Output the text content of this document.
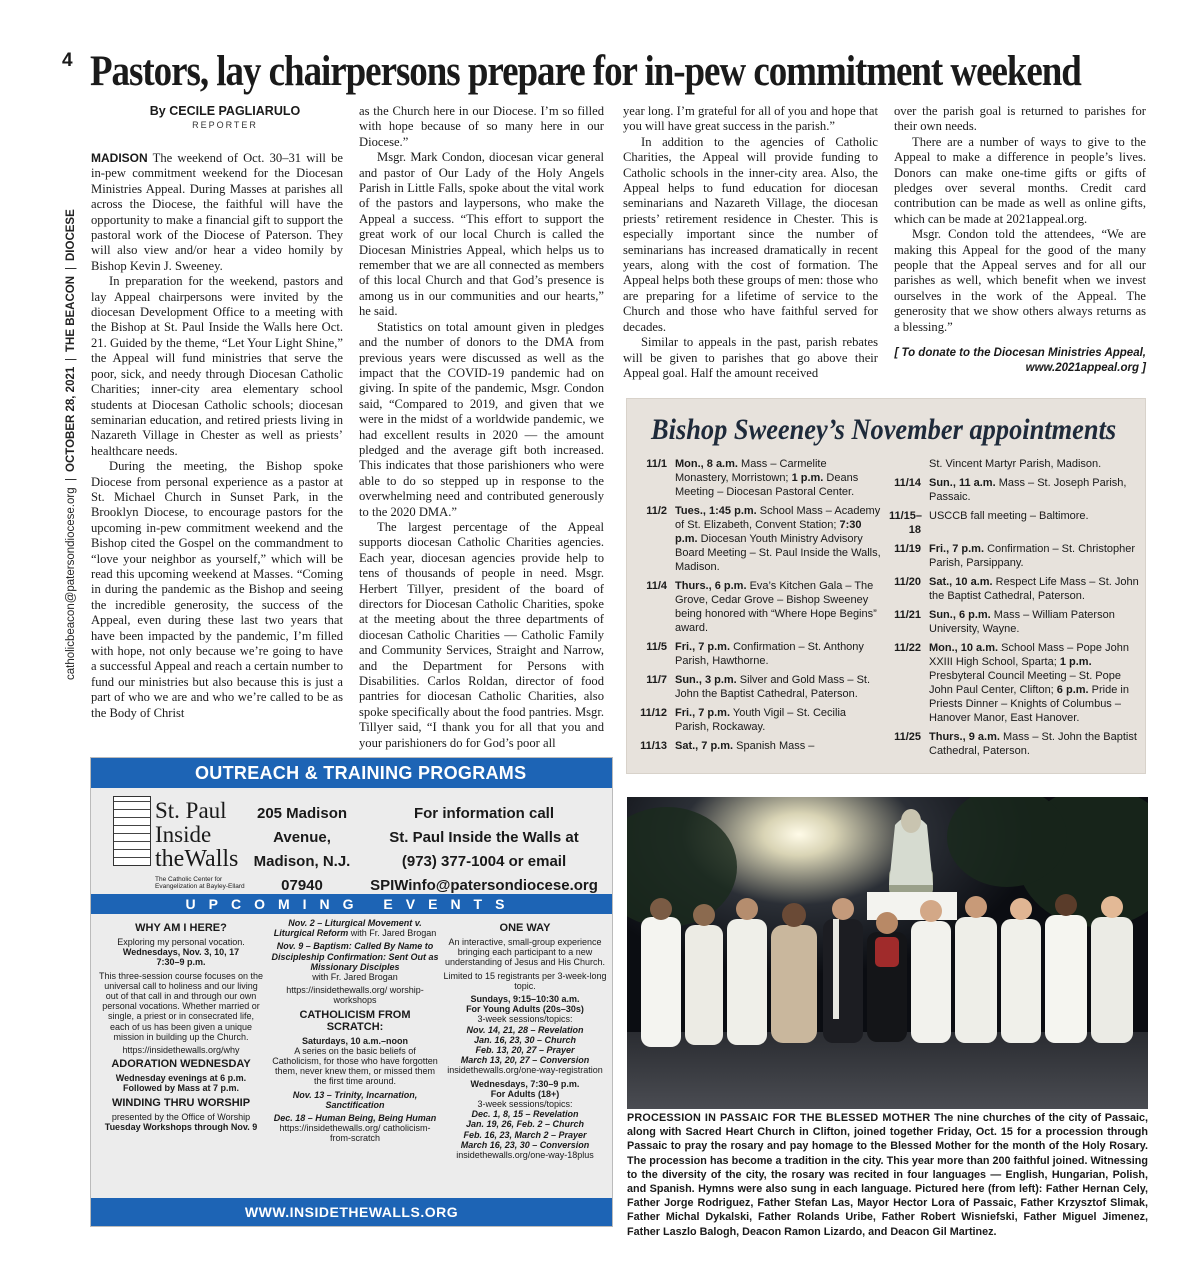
4
catholicbeacon@patersondiocese.org
|
OCTOBER 28, 2021
|
THE BEACON
|
DIOCESE
Pastors, lay chairpersons prepare for in-pew commitment weekend
By CECILE PAGLIARULO
REPORTER

MADISON The weekend of Oct. 30–31 will be in-pew commitment weekend for the Diocesan Ministries Appeal. During Masses at parishes all across the Diocese, the faithful will have the opportunity to make a financial gift to support the pastoral work of the Diocese of Paterson. They will also view and/or hear a video homily by Bishop Kevin J. Sweeney.

In preparation for the weekend, pastors and lay Appeal chairpersons were invited by the diocesan Development Office to a meeting with the Bishop at St. Paul Inside the Walls here Oct. 21. Guided by the theme, “Let Your Light Shine,” the Appeal will fund ministries that serve the poor, sick, and needy through Diocesan Catholic Charities; inner-city area elementary school students at Diocesan Catholic schools; diocesan seminarian education, and retired priests living in Nazareth Village in Chester as well as priests’ healthcare needs.

During the meeting, the Bishop spoke Diocese from personal experience as a pastor at St. Michael Church in Sunset Park, in the Brooklyn Diocese, to encourage pastors for the upcoming in-pew commitment weekend and the Bishop cited the Gospel on the commandment to “love your neighbor as yourself,” which will be read this upcoming weekend at Masses. “Coming in during the pandemic as the Bishop and seeing the incredible generosity, the success of the Appeal, even during these last two years that have been impacted by the pandemic, I’m filled with hope, not only because we’re going to have a successful Appeal and reach a certain number to fund our ministries but also because this is just a part of who we are and who we’re called to be as the Body of Christ

as the Church here in our Diocese. I’m so filled with hope because of so many here in our Diocese.”

Msgr. Mark Condon, diocesan vicar general and pastor of Our Lady of the Holy Angels Parish in Little Falls, spoke about the vital work of the pastors and laypersons, who make the Appeal a success. “This effort to support the great work of our local Church is called the Diocesan Ministries Appeal, which helps us to remember that we are all connected as members of this local Church and that God’s presence is among us in our communities and our hearts,” he said.

Statistics on total amount given in pledges and the number of donors to the DMA from previous years were discussed as well as the impact that the COVID-19 pandemic had on giving. In spite of the pandemic, Msgr. Condon said, “Compared to 2019, and given that we were in the midst of a worldwide pandemic, we had excellent results in 2020 — the amount pledged and the average gift both increased. This indicates that those parishioners who were able to do so stepped up in response to the overwhelming need and contributed generously to the 2020 DMA.”

The largest percentage of the Appeal supports diocesan Catholic Charities agencies. Each year, diocesan agencies provide help to tens of thousands of people in need. Msgr. Herbert Tillyer, president of the board of directors for Diocesan Catholic Charities, spoke at the meeting about the three departments of diocesan Catholic Charities — Catholic Family and Community Services, Straight and Narrow, and the Department for Persons with Disabilities. Carlos Roldan, director of food pantries for diocesan Catholic Charities, also spoke specifically about the food pantries. Msgr. Tillyer said, “I thank you for all that you and your parishioners do for God’s poor all

year long. I’m grateful for all of you and hope that you will have great success in the parish.”

In addition to the agencies of Catholic Charities, the Appeal will provide funding to Catholic schools in the inner-city area. Also, the Appeal helps to fund education for diocesan seminarians and Nazareth Village, the diocesan priests’ retirement residence in Chester. This is especially important since the number of seminarians has increased dramatically in recent years, along with the cost of formation. The Appeal helps both these groups of men: those who are preparing for a lifetime of service to the Church and those who have faithful served for decades.

Similar to appeals in the past, parish rebates will be given to parishes that go above their Appeal goal. Half the amount received

over the parish goal is returned to parishes for their own needs.

There are a number of ways to give to the Appeal to make a difference in people’s lives. Donors can make one-time gifts or gifts of pledges over several months. Credit card contribution can be made as well as online gifts, which can be made at 2021appeal.org.

Msgr. Condon told the attendees, “We are making this Appeal for the good of the many people that the Appeal serves and for all our parishes as well, which benefit when we invest ourselves in the work of the Appeal. The generosity that we show others always returns as a blessing.”

[ To donate to the Diocesan Ministries Appeal,
www.2021appeal.org ]
Bishop Sweeney’s November appointments
11/1 Mon., 8 a.m. Mass – Carmelite Monastery, Morristown; 1 p.m. Deans Meeting – Diocesan Pastoral Center.
11/2 Tues., 1:45 p.m. School Mass – Academy of St. Elizabeth, Convent Station; 7:30 p.m. Diocesan Youth Ministry Advisory Board Meeting – St. Paul Inside the Walls, Madison.
11/4 Thurs., 6 p.m. Eva’s Kitchen Gala – The Grove, Cedar Grove – Bishop Sweeney being honored with “Where Hope Begins” award.
11/5 Fri., 7 p.m. Confirmation – St. Anthony Parish, Hawthorne.
11/7 Sun., 3 p.m. Silver and Gold Mass – St. John the Baptist Cathedral, Paterson.
11/12 Fri., 7 p.m. Youth Vigil – St. Cecilia Parish, Rockaway.
11/13 Sat., 7 p.m. Spanish Mass –
St. Vincent Martyr Parish, Madison.
11/14 Sun., 11 a.m. Mass – St. Joseph Parish, Passaic.
11/15–18
USCCB fall meeting – Baltimore.
11/19 Fri., 7 p.m. Confirmation – St. Christopher Parish, Parsippany.
11/20 Sat., 10 a.m. Respect Life Mass – St. John the Baptist Cathedral, Paterson.
11/21 Sun., 6 p.m. Mass – William Paterson University, Wayne.
11/22 Mon., 10 a.m. School Mass – Pope John XXIII High School, Sparta; 1 p.m. Presbyteral Council Meeting – St. Pope John Paul Center, Clifton; 6 p.m. Pride in Priests Dinner – Knights of Columbus – Hanover Manor, East Hanover.
11/25 Thurs., 9 a.m. Mass – St. John the Baptist Cathedral, Paterson.
OUTREACH & TRAINING PROGRAMS
St. Paul
Inside
theWalls
The Catholic Center for Evangelization at Bayley-Ellard
205 Madison
Avenue,
Madison, N.J.
07940
For information call
St. Paul Inside the Walls at
(973) 377-1004 or email
SPIWinfo@patersondiocese.org
UPCOMING EVENTS
WHY AM I HERE?
Exploring my personal vocation.
Wednesdays, Nov. 3, 10, 17
7:30–9 p.m.
This three-session course focuses on the universal call to holiness and our living out of that call in and through our own personal vocations. Whether married or single, a priest or in consecrated life, each of us has been given a unique mission in building up the Church.
https://insidethewalls.org/why
ADORATION WEDNESDAY
Wednesday evenings at 6 p.m.
Followed by Mass at 7 p.m.
WINDING THRU WORSHIP
presented by the Office of Worship
Tuesday Workshops through Nov. 9
Nov. 2 – Liturgical Movement v. Liturgical Reform with Fr. Jared Brogan
Nov. 9 – Baptism: Called By Name to Discipleship Confirmation: Sent Out as Missionary Disciples
with Fr. Jared Brogan
https://insidethewalls.org/ worship-workshops
CATHOLICISM FROM SCRATCH:
Saturdays, 10 a.m.–noon
A series on the basic beliefs of Catholicism, for those who have forgotten them, never knew them, or missed them the first time around.
Nov. 13 – Trinity, Incarnation, Sanctification
Dec. 18 – Human Being, Being Human
https://insidethewalls.org/ catholicism-from-scratch
ONE WAY
An interactive, small-group experience bringing each participant to a new understanding of Jesus and His Church.
Limited to 15 registrants per 3-week-long topic.
Sundays, 9:15–10:30 a.m.
For Young Adults (20s–30s)
3-week sessions/topics:
Nov. 14, 21, 28 – Revelation
Jan. 16, 23, 30 – Church
Feb. 13, 20, 27 – Prayer
March 13, 20, 27 – Conversion
insidethewalls.org/one-way-registration
Wednesdays, 7:30–9 p.m.
For Adults (18+)
3-week sessions/topics:
Dec. 1, 8, 15 – Revelation
Jan. 19, 26, Feb. 2 – Church
Feb. 16, 23, March 2 – Prayer
March 16, 23, 30 – Conversion
insidethewalls.org/one-way-18plus
WWW.INSIDETHEWALLS.ORG
PROCESSION IN PASSAIC FOR THE BLESSED MOTHER The nine churches of the city of Passaic, along with Sacred Heart Church in Clifton, joined together Friday, Oct. 15 for a procession through Passaic to pray the rosary and pay homage to the Blessed Mother for the month of the Holy Rosary. The procession has become a tradition in the city. This year more than 200 faithful joined. Witnessing to the diversity of the city, the rosary was recited in four languages — English, Hungarian, Polish, and Spanish. Hymns were also sung in each language. Pictured here (from left): Father Hernan Cely, Father Jorge Rodriguez, Father Stefan Las, Mayor Hector Lora of Passaic, Father Krzysztof Slimak, Father Michal Dykalski, Father Rolands Uribe, Father Robert Wisniefski, Father Miguel Jimenez, Father Laszlo Balogh, Deacon Ramon Lizardo, and Deacon Gil Martinez.
